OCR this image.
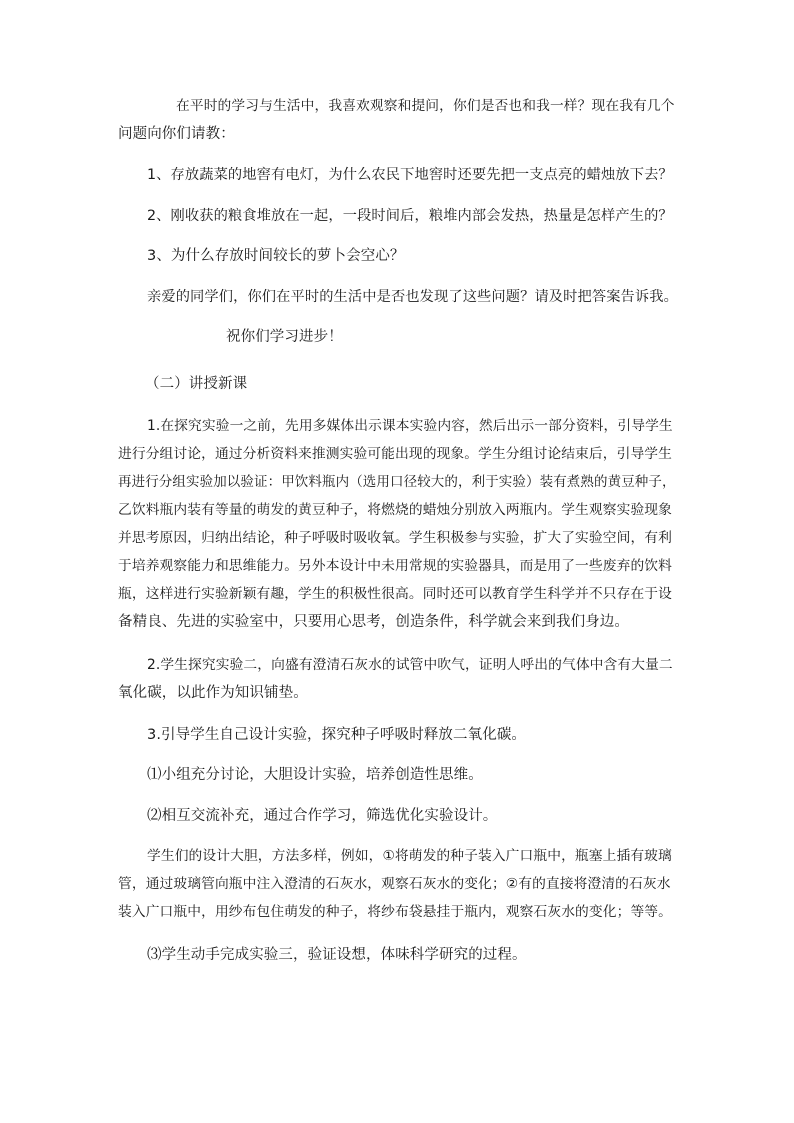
在平时的学习与生活中，我喜欢观察和提问，你们是否也和我一样？现在我有几个
问题向你们请教：
1、存放蔬菜的地窖有电灯，为什么农民下地窖时还要先把一支点亮的蜡烛放下去？
2、刚收获的粮食堆放在一起，一段时间后，粮堆内部会发热，热量是怎样产生的？
3、为什么存放时间较长的萝卜会空心？
亲爱的同学们，你们在平时的生活中是否也发现了这些问题？请及时把答案告诉我。
祝你们学习进步！
（二）讲授新课
1.在探究实验一之前，先用多媒体出示课本实验内容，然后出示一部分资料，引导学生
进行分组讨论，通过分析资料来推测实验可能出现的现象。学生分组讨论结束后，引导学生
再进行分组实验加以验证：甲饮料瓶内（选用口径较大的，利于实验）装有煮熟的黄豆种子，
乙饮料瓶内装有等量的萌发的黄豆种子，将燃烧的蜡烛分别放入两瓶内。学生观察实验现象
并思考原因，归纳出结论，种子呼吸时吸收氧。学生积极参与实验，扩大了实验空间，有利
于培养观察能力和思维能力。另外本设计中未用常规的实验器具，而是用了一些废弃的饮料
瓶，这样进行实验新颖有趣，学生的积极性很高。同时还可以教育学生科学并不只存在于设
备精良、先进的实验室中，只要用心思考，创造条件，科学就会来到我们身边。
2.学生探究实验二，向盛有澄清石灰水的试管中吹气，证明人呼出的气体中含有大量二
氧化碳，以此作为知识铺垫。
3.引导学生自己设计实验，探究种子呼吸时释放二氧化碳。
⑴小组充分讨论，大胆设计实验，培养创造性思维。
⑵相互交流补充，通过合作学习，筛选优化实验设计。
学生们的设计大胆，方法多样，例如，①将萌发的种子装入广口瓶中，瓶塞上插有玻璃
管，通过玻璃管向瓶中注入澄清的石灰水，观察石灰水的变化；②有的直接将澄清的石灰水
装入广口瓶中，用纱布包住萌发的种子，将纱布袋悬挂于瓶内，观察石灰水的变化；等等。
⑶学生动手完成实验三，验证设想，体味科学研究的过程。
